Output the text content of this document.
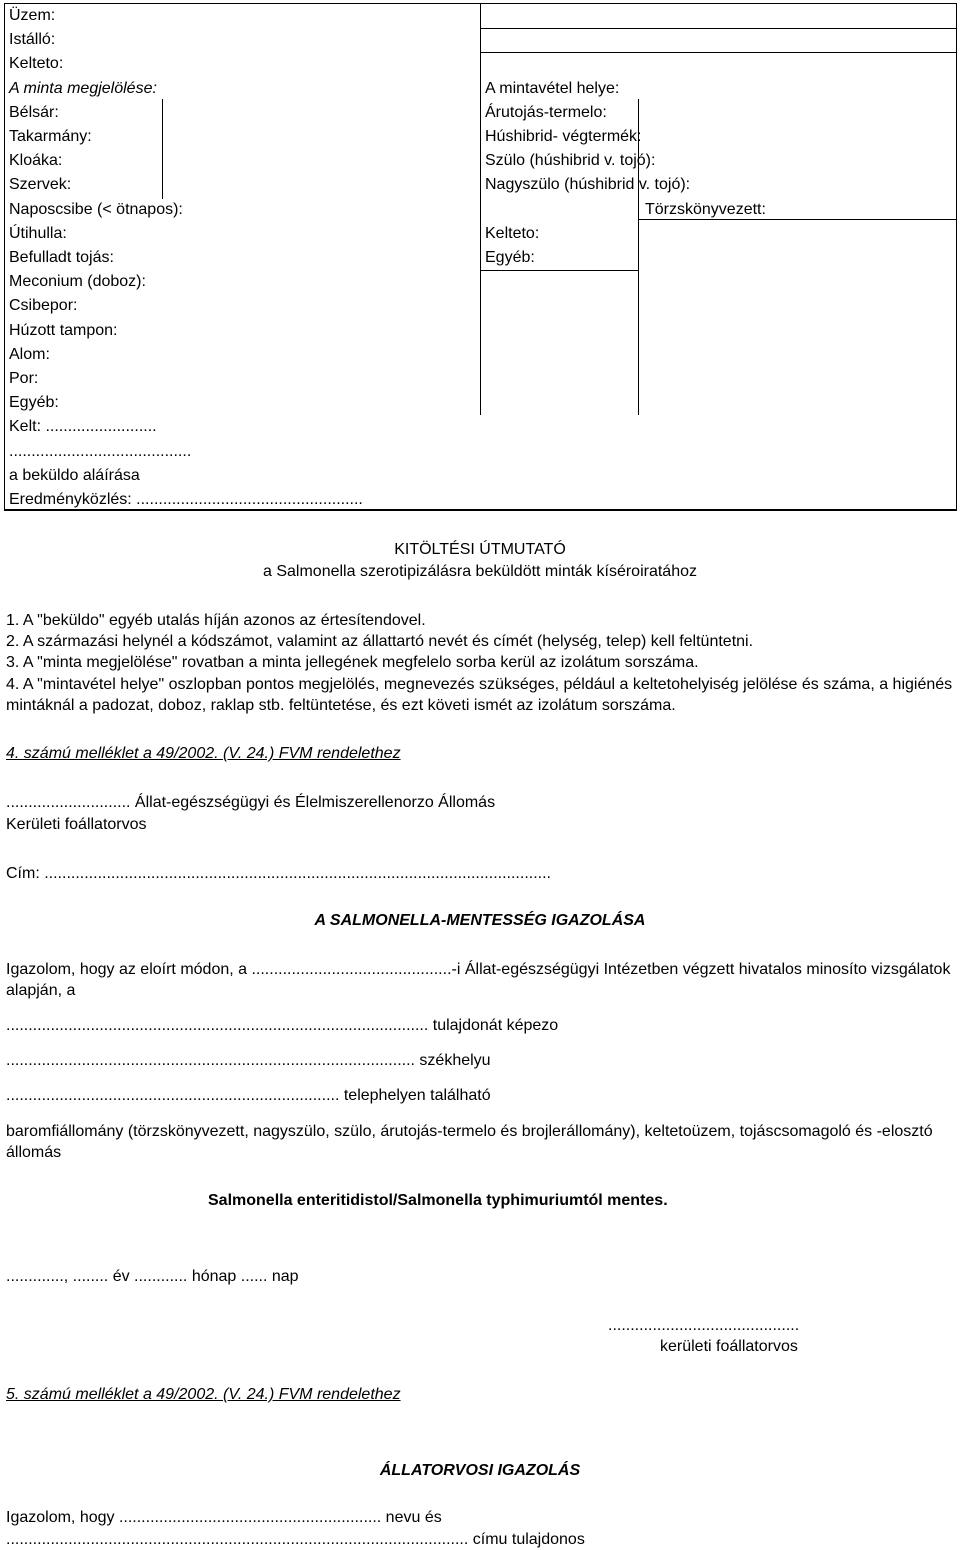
Üzem:
Istálló:
Kelteto:
A minta megjelölése:
Bélsár:
Takarmány:
Kloáka:
Szervek:
Naposcsibe (< ötnapos):
Útihulla:
Befulladt tojás:
Meconium (doboz):
Csibepor:
Húzott tampon:
Alom:
Por:
Egyéb:
Kelt: .........................
.........................................
a beküldo aláírása
Eredményközlés: ...................................................
A mintavétel helye:
Árutojás-termelo:
Húshibrid- végtermék:
Szülo (húshibrid v. tojó):
Nagyszülo (húshibrid v. tojó):
Törzskönyvezett:
Kelteto:
Egyéb:
KITÖLTÉSI ÚTMUTATÓ
a Salmonella szerotipizálásra beküldött minták kíséroiratához
1. A "beküldo" egyéb utalás híján azonos az értesítendovel.
2. A származási helynél a kódszámot, valamint az állattartó nevét és címét (helység, telep) kell feltüntetni.
3. A "minta megjelölése" rovatban a minta jellegének megfelelo sorba kerül az izolátum sorszáma.
4. A "mintavétel helye" oszlopban pontos megjelölés, megnevezés szükséges, például a keltetohelyiség jelölése és száma, a higiénés mintáknál a padozat, doboz, raklap stb. feltüntetése, és ezt követi ismét az izolátum sorszáma.
4. számú melléklet a 49/2002. (V. 24.) FVM rendelethez
............................ Állat-egészségügyi és Élelmiszerellenorzo Állomás
Kerületi foállatorvos
Cím: ..................................................................................................................
A SALMONELLA-MENTESSÉG IGAZOLÁSA
Igazolom, hogy az eloírt módon, a .............................................-i Állat-egészségügyi Intézetben végzett hivatalos minosíto vizsgálatok alapján, a
............................................................................................... tulajdonát képezo
............................................................................................ székhelyu
........................................................................... telephelyen található
baromfiállomány (törzskönyvezett, nagyszülo, szülo, árutojás-termelo és brojlerállomány), keltetoüzem, tojáscsomagoló és -elosztó állomás
Salmonella enteritidistol/Salmonella typhimuriumtól mentes.
............., ........ év ............ hónap ...... nap
...........................................
kerületi foállatorvos
5. számú melléklet a 49/2002. (V. 24.) FVM rendelethez
ÁLLATORVOSI IGAZOLÁS
Igazolom, hogy ........................................................... nevu és
........................................................................................................ címu tulajdonos
